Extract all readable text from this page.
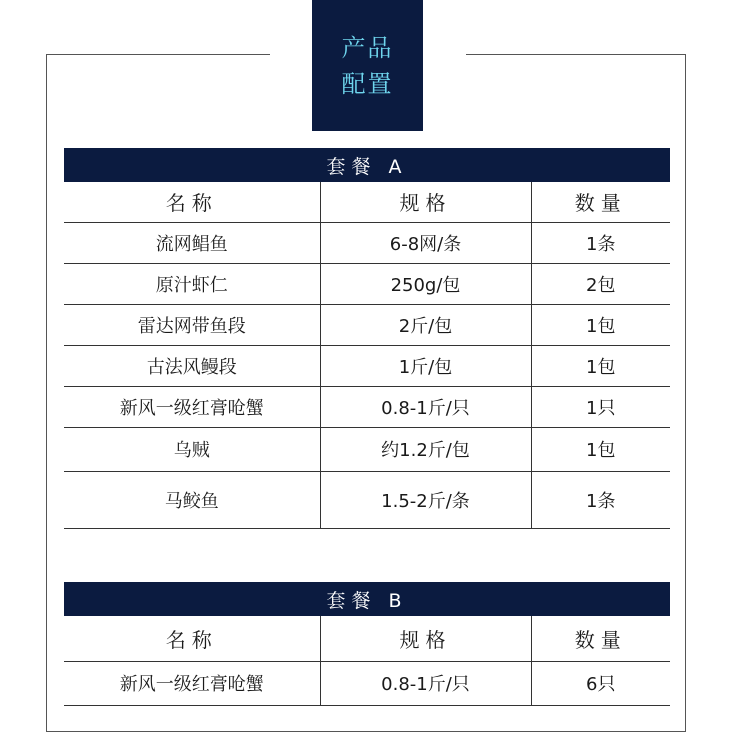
产品
配置
套餐 A
名称	规格	数量
流网鲳鱼	6-8网/条	1条
原汁虾仁	250g/包	2包
雷达网带鱼段	2斤/包	1包
古法风鳗段	1斤/包	1包
新风一级红膏呛蟹	0.8-1斤/只	1只
乌贼	约1.2斤/包	1包
马鲛鱼	1.5-2斤/条	1条
套餐 B
名称	规格	数量
新风一级红膏呛蟹	0.8-1斤/只	6只
